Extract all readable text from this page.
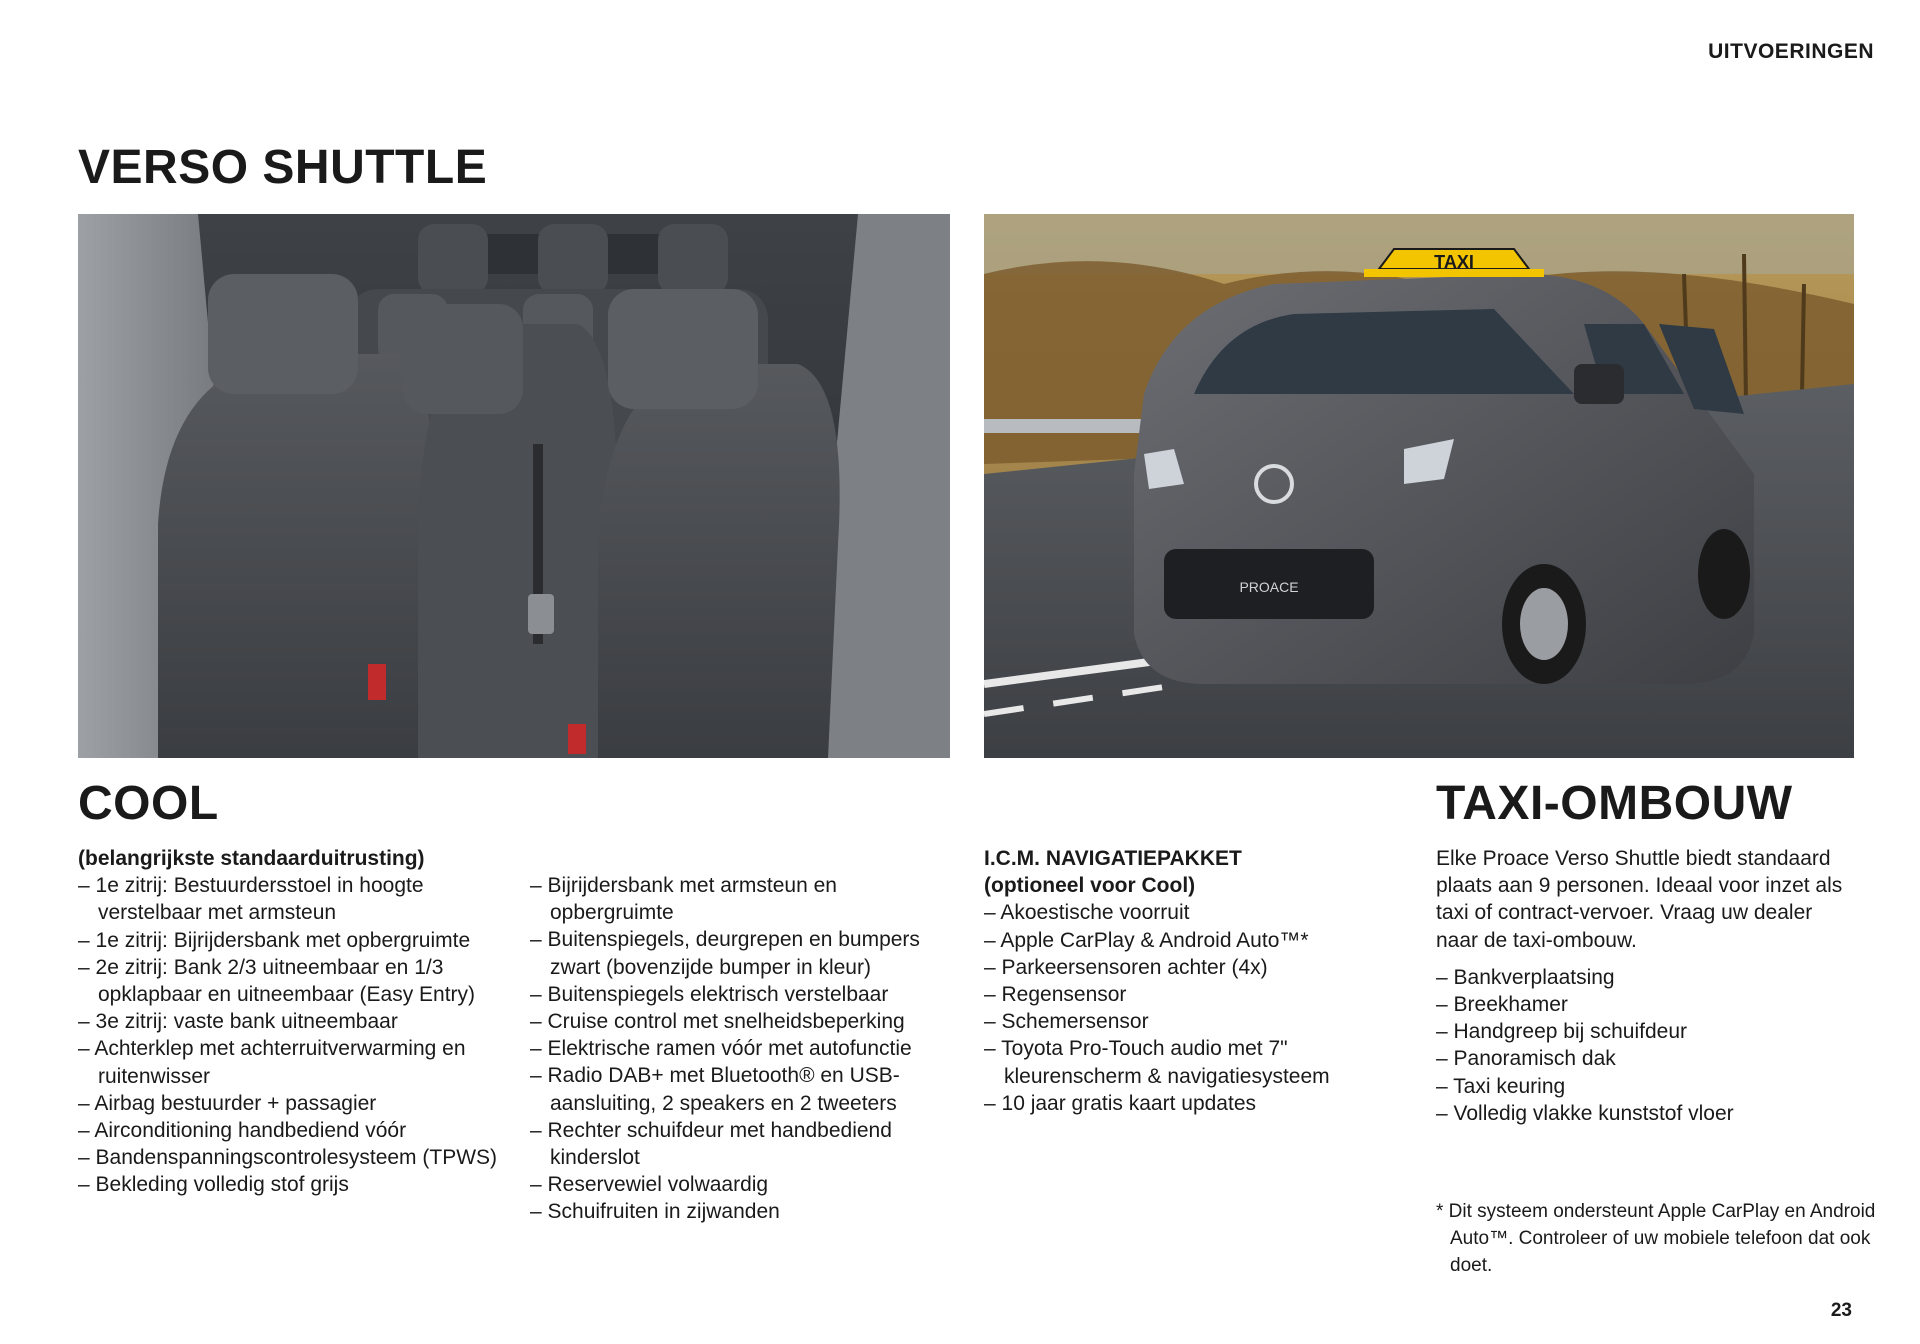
UITVOERINGEN
VERSO SHUTTLE
PROACE
TAXI
COOL	TAXI-OMBOUW

(belangrijkste standaarduitrusting)

– 1e zitrij: Bestuurdersstoel in hoogte verstelbaar met armsteun
– 1e zitrij: Bijrijdersbank met opbergruimte
– 2e zitrij: Bank 2/3 uitneembaar en 1/3 opklapbaar en uitneembaar (Easy Entry)
– 3e zitrij: vaste bank uitneembaar
– Achterklep met achterruitverwarming en ruitenwisser
– Airbag bestuurder + passagier
– Airconditioning handbediend vóór
– Bandenspanningscontrolesysteem (TPWS)
– Bekleding volledig stof grijs
– Bijrijdersbank met armsteun en opbergruimte
– Buitenspiegels, deurgrepen en bumpers zwart (bovenzijde bumper in kleur)
– Buitenspiegels elektrisch verstelbaar
– Cruise control met snelheidsbeperking
– Elektrische ramen vóór met autofunctie
– Radio DAB+ met Bluetooth® en USB-aansluiting, 2 speakers en 2 tweeters
– Rechter schuifdeur met handbediend kinderslot
– Reservewiel volwaardig
– Schuifruiten in zijwanden

I.C.M. NAVIGATIEPAKKET

(optioneel voor Cool)

– Akoestische voorruit
– Apple CarPlay & Android Auto™*
– Parkeersensoren achter (4x)
– Regensensor
– Schemersensor
– Toyota Pro-Touch audio met 7" kleurenscherm & navigatiesysteem
– 10 jaar gratis kaart updates

Elke Proace Verso Shuttle biedt standaard plaats aan 9 personen. Ideaal voor inzet als taxi of contract-vervoer. Vraag uw dealer naar de taxi-ombouw.

– Bankverplaatsing
– Breekhamer
– Handgreep bij schuifdeur
– Panoramisch dak
– Taxi keuring
– Volledig vlakke kunststof vloer

* Dit systeem ondersteunt Apple CarPlay en Android Auto™. Controleer of uw mobiele telefoon dat ook doet.

23
